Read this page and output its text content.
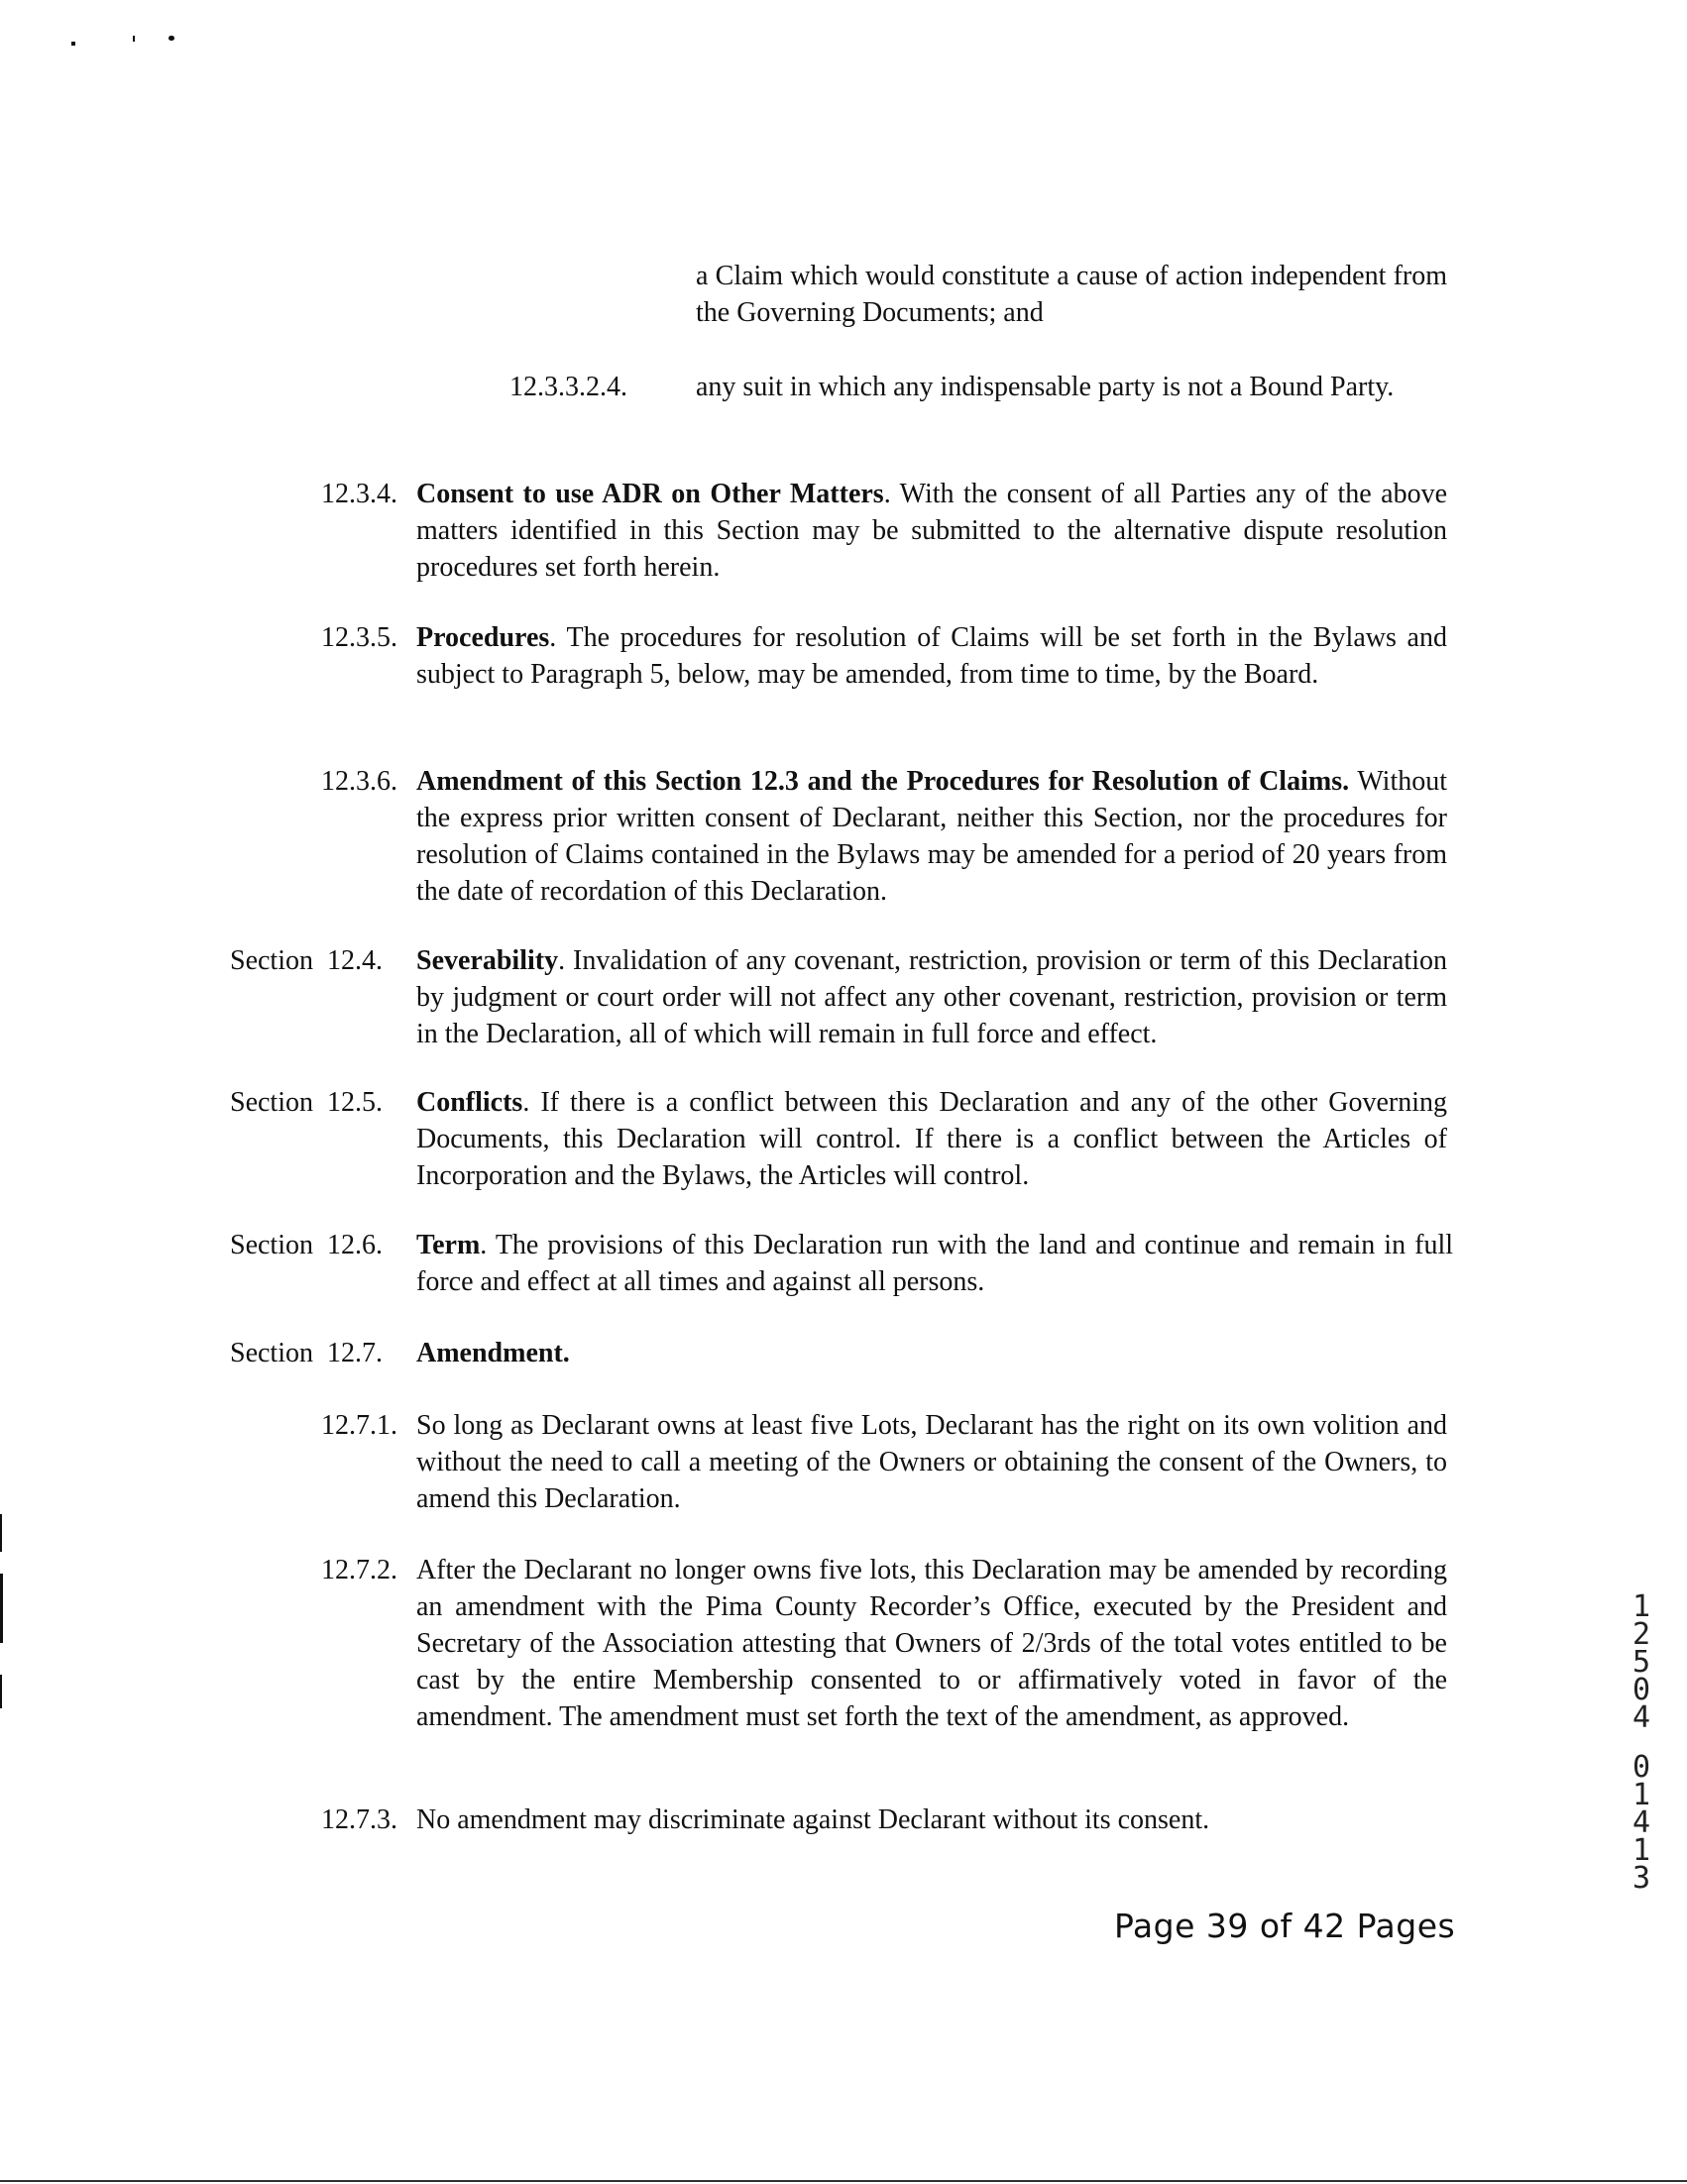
a Claim which would constitute a cause of action independent from the Governing Documents; and
12.3.3.2.4. any suit in which any indispensable party is not a Bound Party.
12.3.4. Consent to use ADR on Other Matters. With the consent of all Parties any of the above matters identified in this Section may be submitted to the alternative dispute resolution procedures set forth herein.
12.3.5. Procedures. The procedures for resolution of Claims will be set forth in the Bylaws and subject to Paragraph 5, below, may be amended, from time to time, by the Board.
12.3.6. Amendment of this Section 12.3 and the Procedures for Resolution of Claims. Without the express prior written consent of Declarant, neither this Section, nor the procedures for resolution of Claims contained in the Bylaws may be amended for a period of 20 years from the date of recordation of this Declaration.
Section  12.4. Severability. Invalidation of any covenant, restriction, provision or term of this Declaration by judgment or court order will not affect any other covenant, restriction, provision or term in the Declaration, all of which will remain in full force and effect.
Section  12.5. Conflicts. If there is a conflict between this Declaration and any of the other Governing Documents, this Declaration will control. If there is a conflict between the Articles of Incorporation and the Bylaws, the Articles will control.
Section  12.6. Term. The provisions of this Declaration run with the land and continue and remain in full force and effect at all times and against all persons.
Section  12.7. Amendment.
12.7.1. So long as Declarant owns at least five Lots, Declarant has the right on its own volition and without the need to call a meeting of the Owners or obtaining the consent of the Owners, to amend this Declaration.
12.7.2. After the Declarant no longer owns five lots, this Declaration may be amended by recording an amendment with the Pima County Recorder’s Office, executed by the President and Secretary of the Association attesting that Owners of 2/3rds of the total votes entitled to be cast by the entire Membership consented to or affirmatively voted in favor of the amendment. The amendment must set forth the text of the amendment, as approved.
12.7.3. No amendment may discriminate against Declarant without its consent.
Page 39 of 42 Pages
1
2
5
0
4
0
1
4
1
3
